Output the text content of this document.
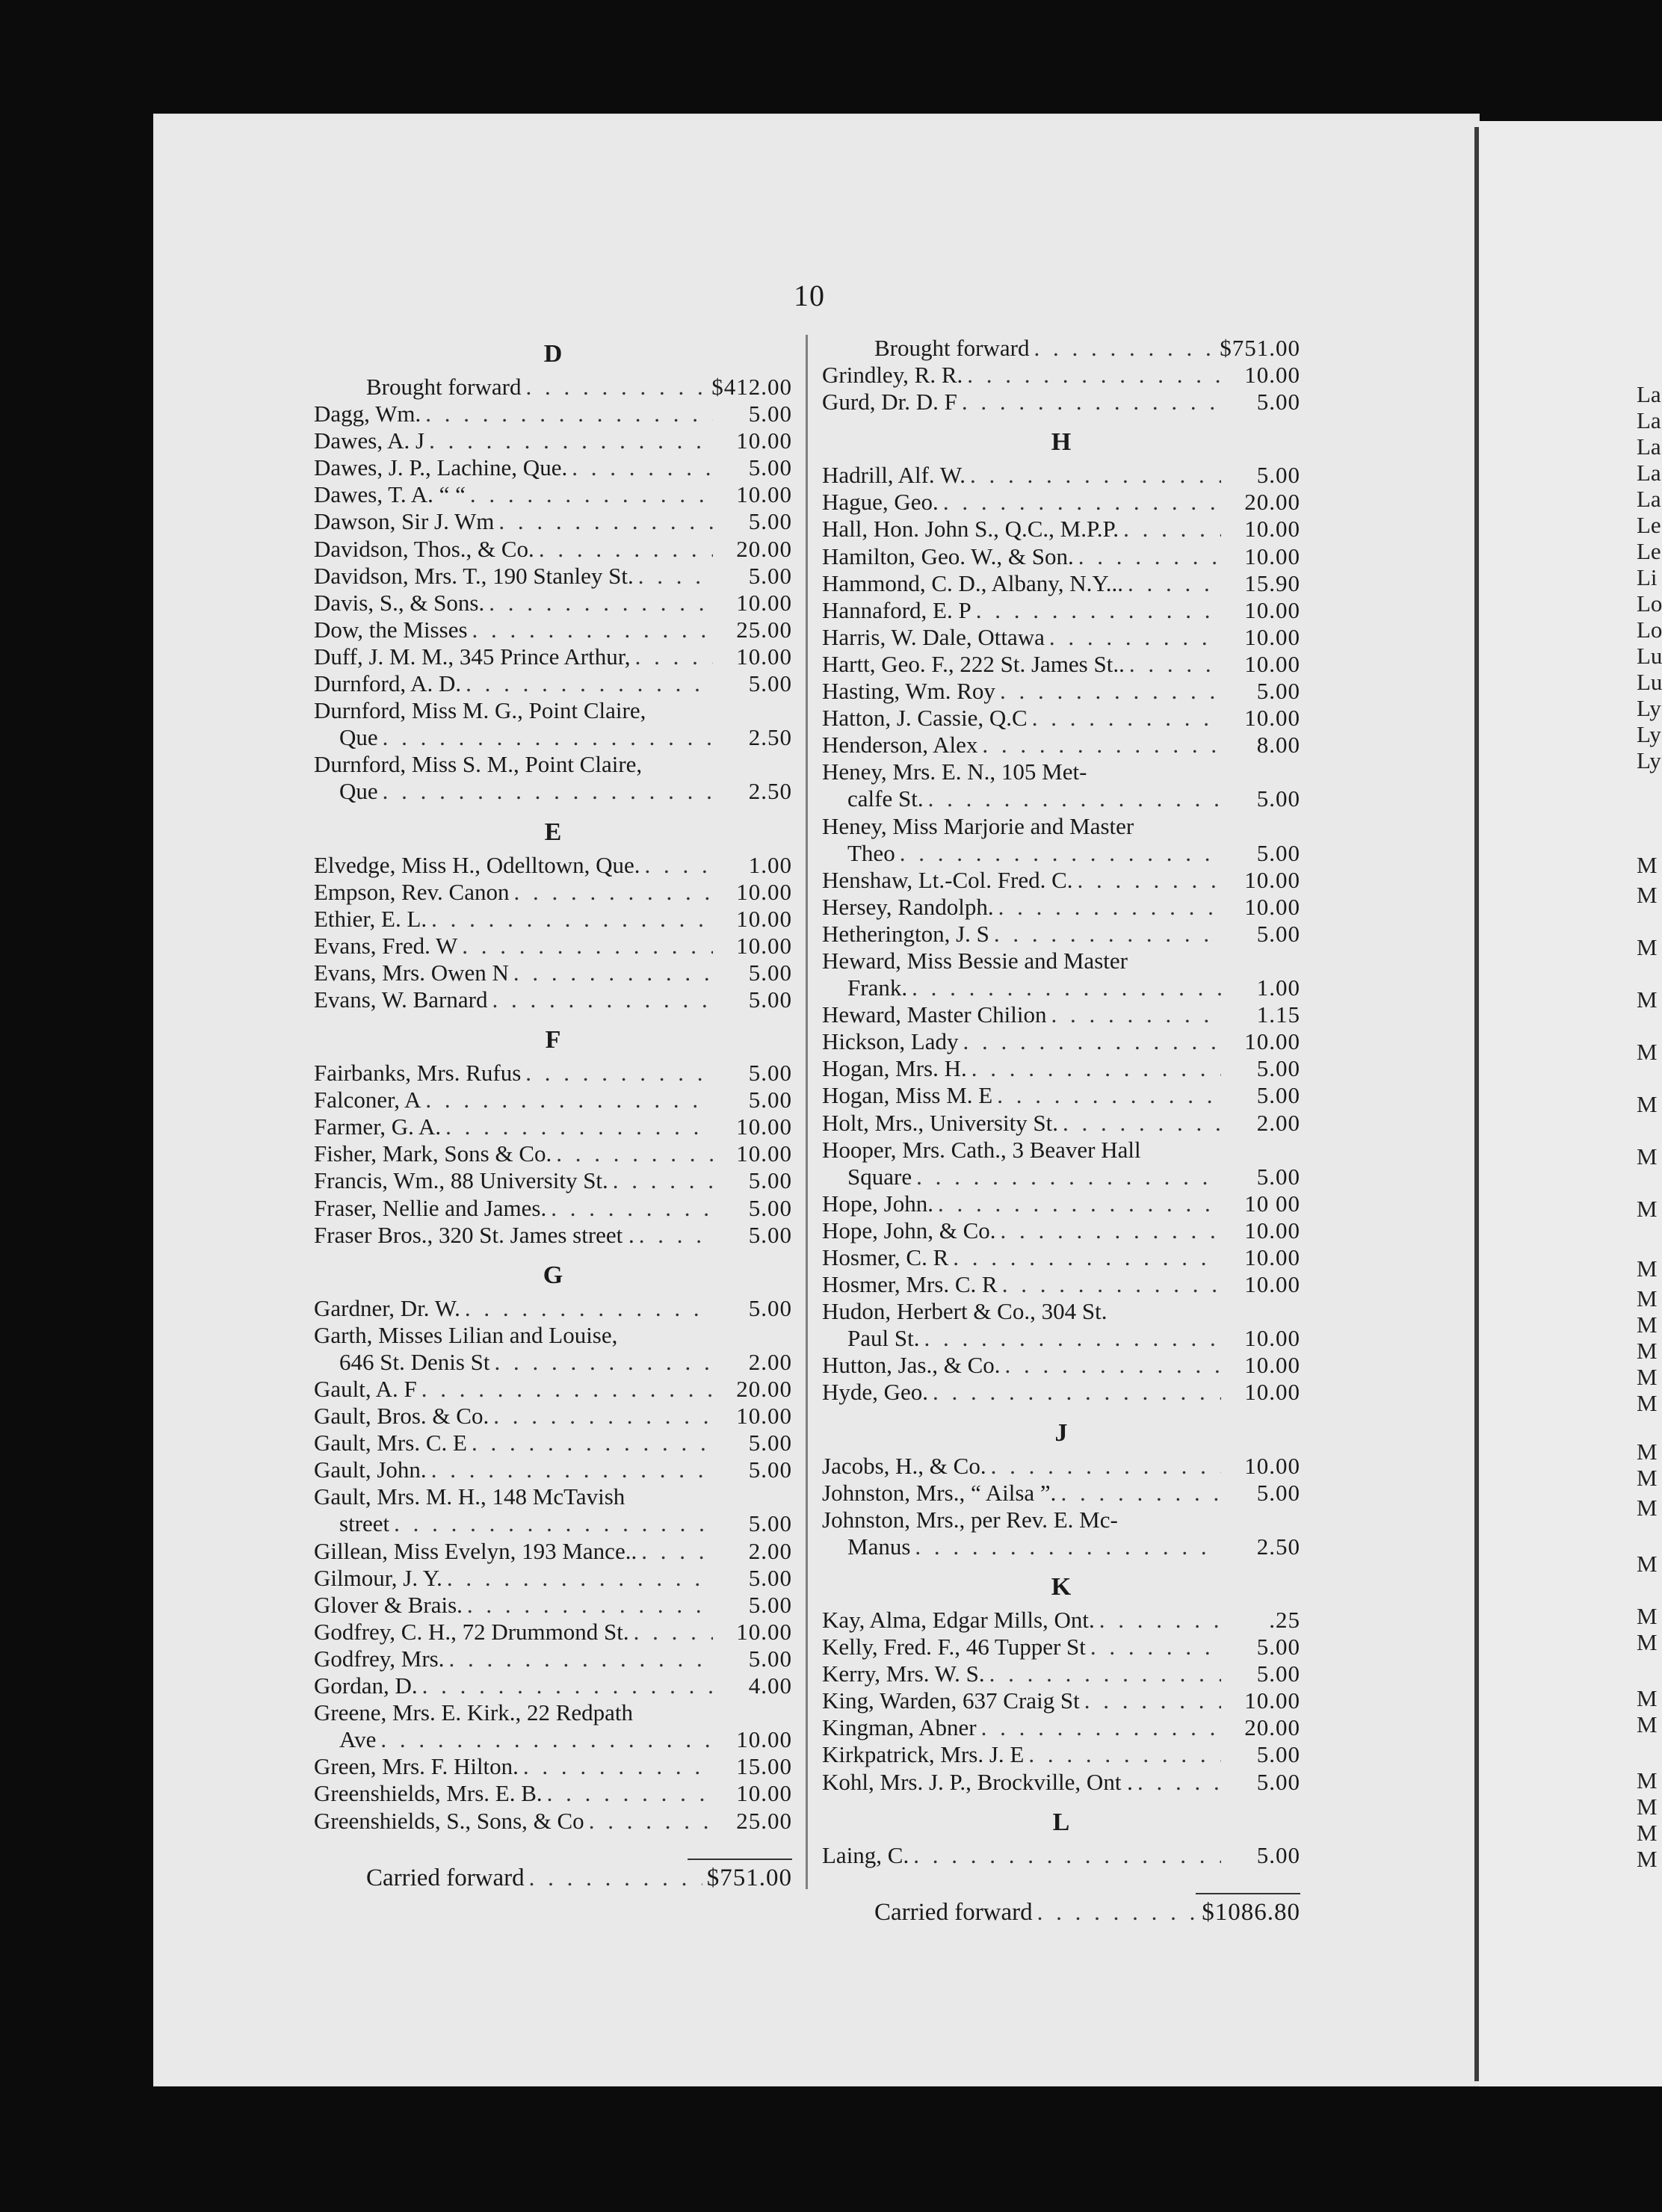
10
D
Brought forward . . .	$412.00
Dagg, Wm. . . .	5.00
Dawes, A. J . . .	10.00
Dawes, J. P., Lachine, Que. . . .	5.00
Dawes, T. A. “ “ . . .	10.00
Dawson, Sir J. Wm . . .	5.00
Davidson, Thos., & Co. . . .	20.00
Davidson, Mrs. T., 190 Stanley St. . . .	5.00
Davis, S., & Sons. . . .	10.00
Dow, the Misses . . .	25.00
Duff, J. M. M., 345 Prince Arthur, . . .	10.00
Durnford, A. D. . . .	5.00
Durnford, Miss M. G., Point Claire,
Que . . .	2.50
Durnford, Miss S. M., Point Claire,
Que . . .	2.50
E
Elvedge, Miss H., Odelltown, Que. . . .	1.00
Empson, Rev. Canon . . .	10.00
Ethier, E. L. . . .	10.00
Evans, Fred. W . . .	10.00
Evans, Mrs. Owen N . . .	5.00
Evans, W. Barnard . . .	5.00
F
Fairbanks, Mrs. Rufus . . .	5.00
Falconer, A . . .	5.00
Farmer, G. A. . . .	10.00
Fisher, Mark, Sons & Co. . . .	10.00
Francis, Wm., 88 University St. . . .	5.00
Fraser, Nellie and James. . . .	5.00
Fraser Bros., 320 St. James street . . . .	5.00
G
Gardner, Dr. W. . . .	5.00
Garth, Misses Lilian and Louise,
646 St. Denis St . . .	2.00
Gault, A. F . . .	20.00
Gault, Bros. & Co. . . .	10.00
Gault, Mrs. C. E . . .	5.00
Gault, John. . . .	5.00
Gault, Mrs. M. H., 148 McTavish
street . . .	5.00
Gillean, Miss Evelyn, 193 Mance.. . . .	2.00
Gilmour, J. Y. . . .	5.00
Glover & Brais. . . .	5.00
Godfrey, C. H., 72 Drummond St. . . .	10.00
Godfrey, Mrs. . . .	5.00
Gordan, D. . . .	4.00
Greene, Mrs. E. Kirk., 22 Redpath
Ave . . .	10.00
Green, Mrs. F. Hilton. . . .	15.00
Greenshields, Mrs. E. B. . . .	10.00
Greenshields, S., Sons, & Co . . .	25.00
Carried forward . . .	$751.00
Brought forward . . .	$751.00
Grindley, R. R. . . .	10.00
Gurd, Dr. D. F . . .	5.00
H
Hadrill, Alf. W. . . .	5.00
Hague, Geo. . . .	20.00
Hall, Hon. John S., Q.C., M.P.P. . . .	10.00
Hamilton, Geo. W., & Son. . . .	10.00
Hammond, C. D., Albany, N.Y... . . .	15.90
Hannaford, E. P . . .	10.00
Harris, W. Dale, Ottawa . . .	10.00
Hartt, Geo. F., 222 St. James St.. . . .	10.00
Hasting, Wm. Roy . . .	5.00
Hatton, J. Cassie, Q.C . . .	10.00
Henderson, Alex . . .	8.00
Heney, Mrs. E. N., 105 Met-
calfe St. . . .	5.00
Heney, Miss Marjorie and Master
Theo . . .	5.00
Henshaw, Lt.-Col. Fred. C. . . .	10.00
Hersey, Randolph. . . .	10.00
Hetherington, J. S . . .	5.00
Heward, Miss Bessie and Master
Frank. . . .	1.00
Heward, Master Chilion . . .	1.15
Hickson, Lady . . .	10.00
Hogan, Mrs. H. . . .	5.00
Hogan, Miss M. E . . .	5.00
Holt, Mrs., University St. . . .	2.00
Hooper, Mrs. Cath., 3 Beaver Hall
Square . . .	5.00
Hope, John. . . .	10 00
Hope, John, & Co. . . .	10.00
Hosmer, C. R . . .	10.00
Hosmer, Mrs. C. R . . .	10.00
Hudon, Herbert & Co., 304 St.
Paul St. . . .	10.00
Hutton, Jas., & Co. . . .	10.00
Hyde, Geo. . . .	10.00
J
Jacobs, H., & Co. . . .	10.00
Johnston, Mrs., “ Ailsa ”. . . .	5.00
Johnston, Mrs., per Rev. E. Mc-
Manus . . .	2.50
K
Kay, Alma, Edgar Mills, Ont. . . .	.25
Kelly, Fred. F., 46 Tupper St . . .	5.00
Kerry, Mrs. W. S. . . .	5.00
King, Warden, 637 Craig St . . .	10.00
Kingman, Abner . . .	20.00
Kirkpatrick, Mrs. J. E . . .	5.00
Kohl, Mrs. J. P., Brockville, Ont . . . .	5.00
L
Laing, C. . . .	5.00
Carried forward . . .	$1086.80
La
La
La
La
La
Le
Le
Li
Lo
Lo
Lu
Lu
Ly
Ly
Ly
M
M
M
M
M
M
M
M
M
M
M
M
M
M
M
M
M
M
M
M
M
M
M
M
M
M
